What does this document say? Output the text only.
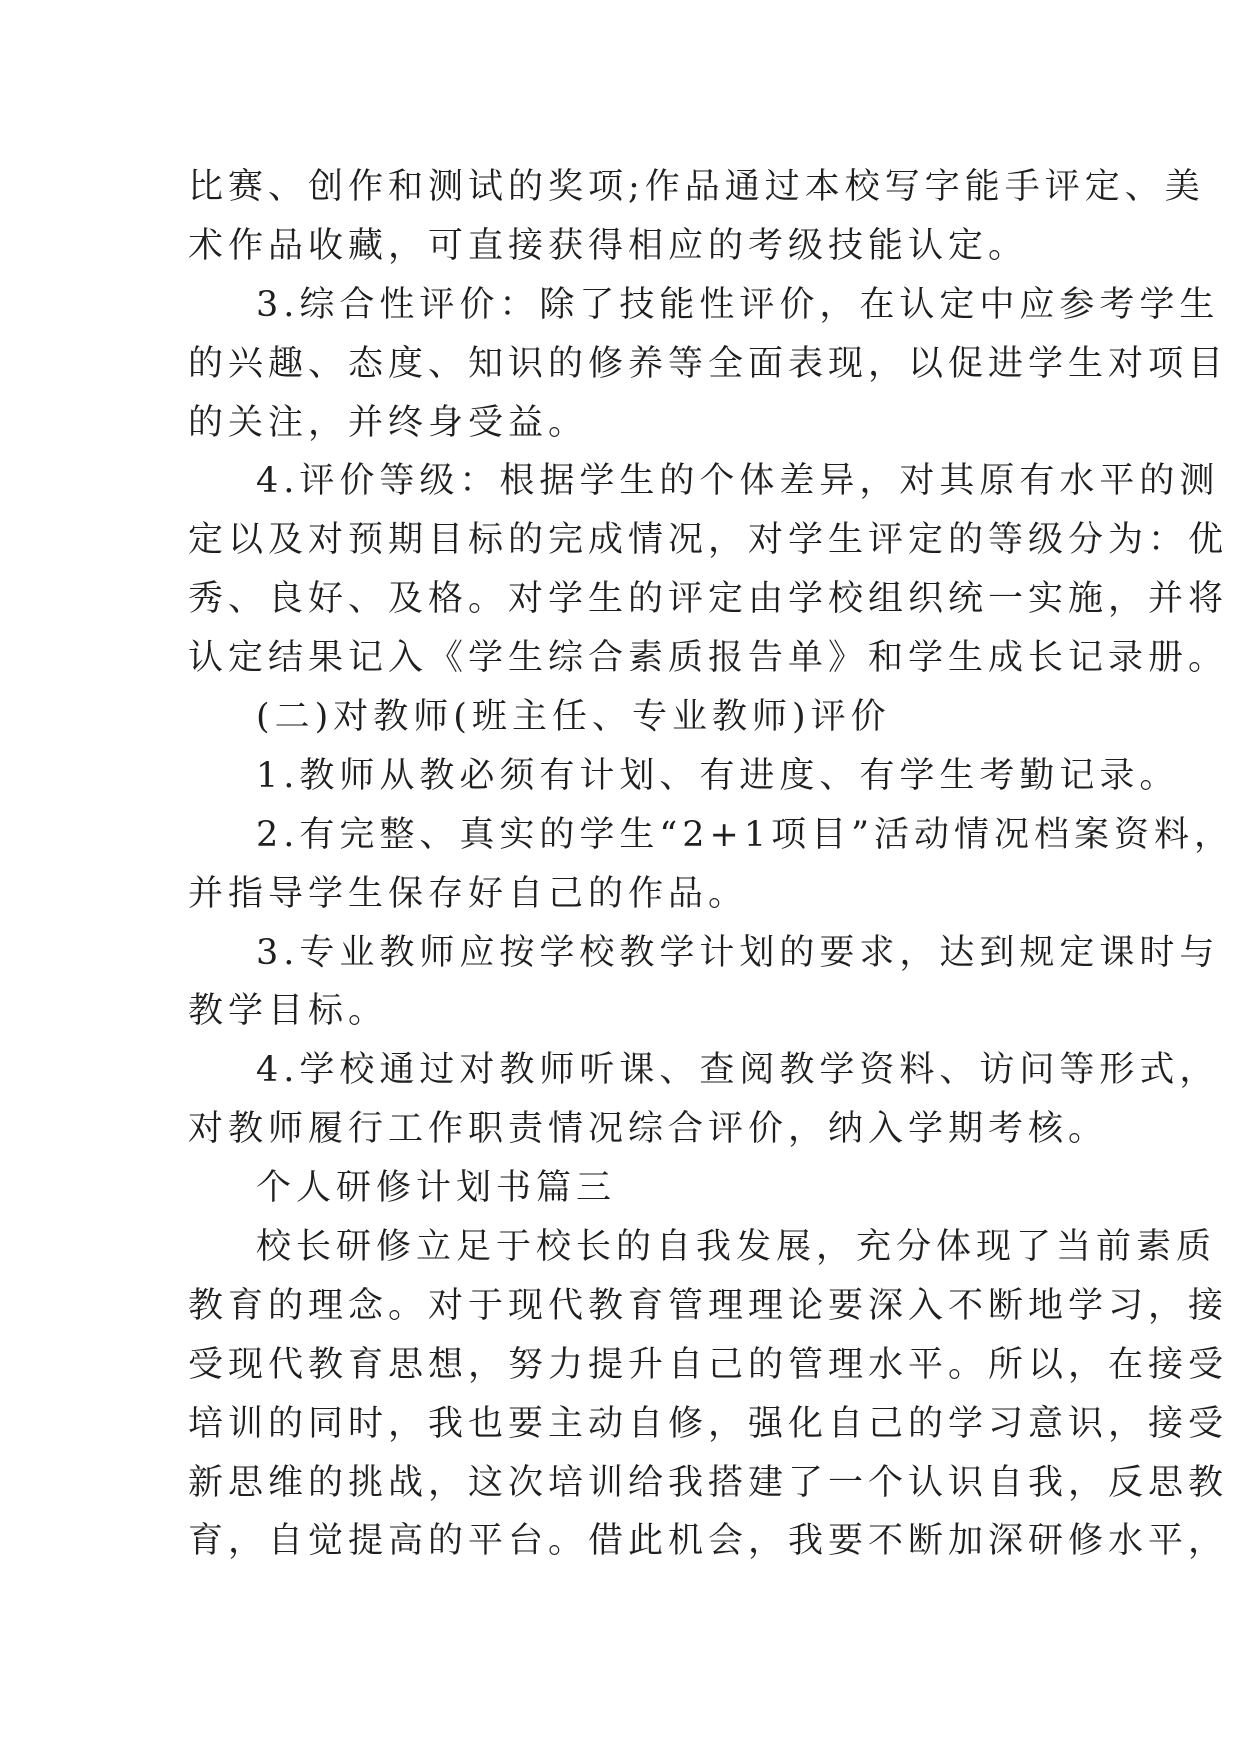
比赛、创作和测试的奖项;作品通过本校写字能手评定、美
术作品收藏，可直接获得相应的考级技能认定。
3.综合性评价：除了技能性评价，在认定中应参考学生
的兴趣、态度、知识的修养等全面表现，以促进学生对项目
的关注，并终身受益。
4.评价等级：根据学生的个体差异，对其原有水平的测
定以及对预期目标的完成情况，对学生评定的等级分为：优
秀、良好、及格。对学生的评定由学校组织统一实施，并将
认定结果记入《学生综合素质报告单》和学生成长记录册。
(二)对教师(班主任、专业教师)评价
1.教师从教必须有计划、有进度、有学生考勤记录。
2.有完整、真实的学生“2+1项目”活动情况档案资料，
并指导学生保存好自己的作品。
3.专业教师应按学校教学计划的要求，达到规定课时与
教学目标。
4.学校通过对教师听课、查阅教学资料、访问等形式，
对教师履行工作职责情况综合评价，纳入学期考核。
个人研修计划书篇三
校长研修立足于校长的自我发展，充分体现了当前素质
教育的理念。对于现代教育管理理论要深入不断地学习，接
受现代教育思想，努力提升自己的管理水平。所以，在接受
培训的同时，我也要主动自修，强化自己的学习意识，接受
新思维的挑战，这次培训给我搭建了一个认识自我，反思教
育，自觉提高的平台。借此机会，我要不断加深研修水平，
